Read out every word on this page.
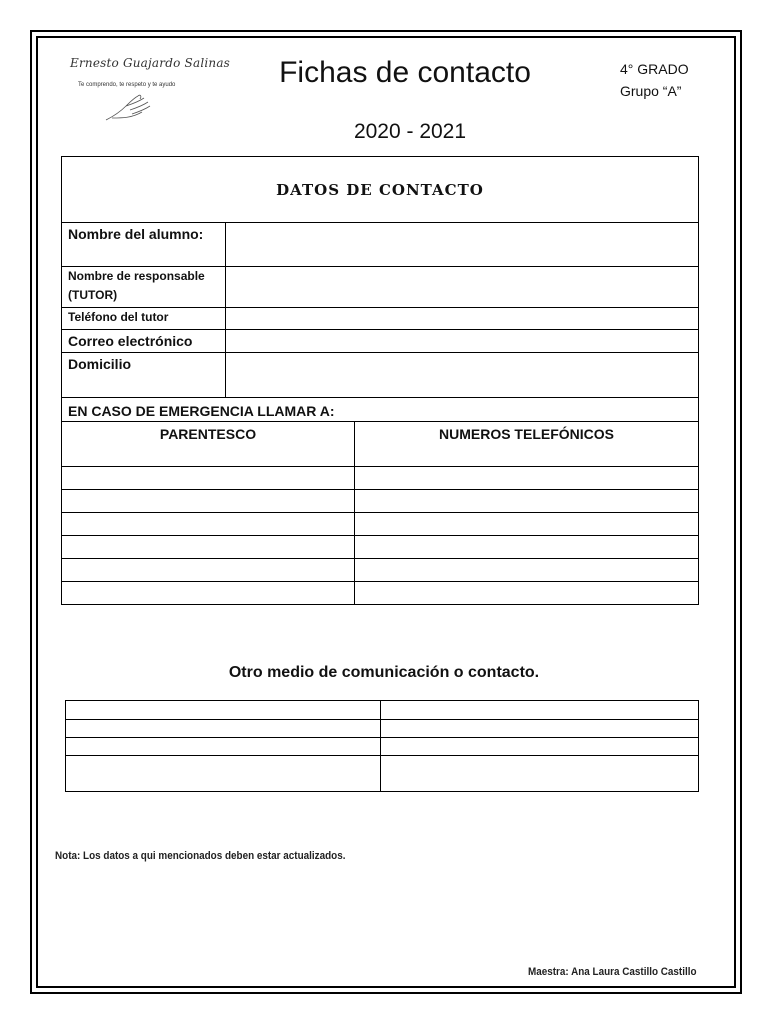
Ernesto Guajardo Salinas
Te comprendo, te respeto y te ayudo	Fichas de contacto
2020 - 2021
4° GRADO
Grupo “A”
DATOS DE CONTACTO		
Nombre del alumno:		
Nombre de responsable (TUTOR)		
Teléfono del tutor		
Correo electrónico		
Domicilio		
EN CASO DE EMERGENCIA LLAMAR A:		
PARENTESCO		NUMEROS TELEFÓNICOS

Otro medio de comunicación o contacto.

Nota: Los datos a qui mencionados deben estar actualizados.
Maestra: Ana Laura Castillo Castillo
